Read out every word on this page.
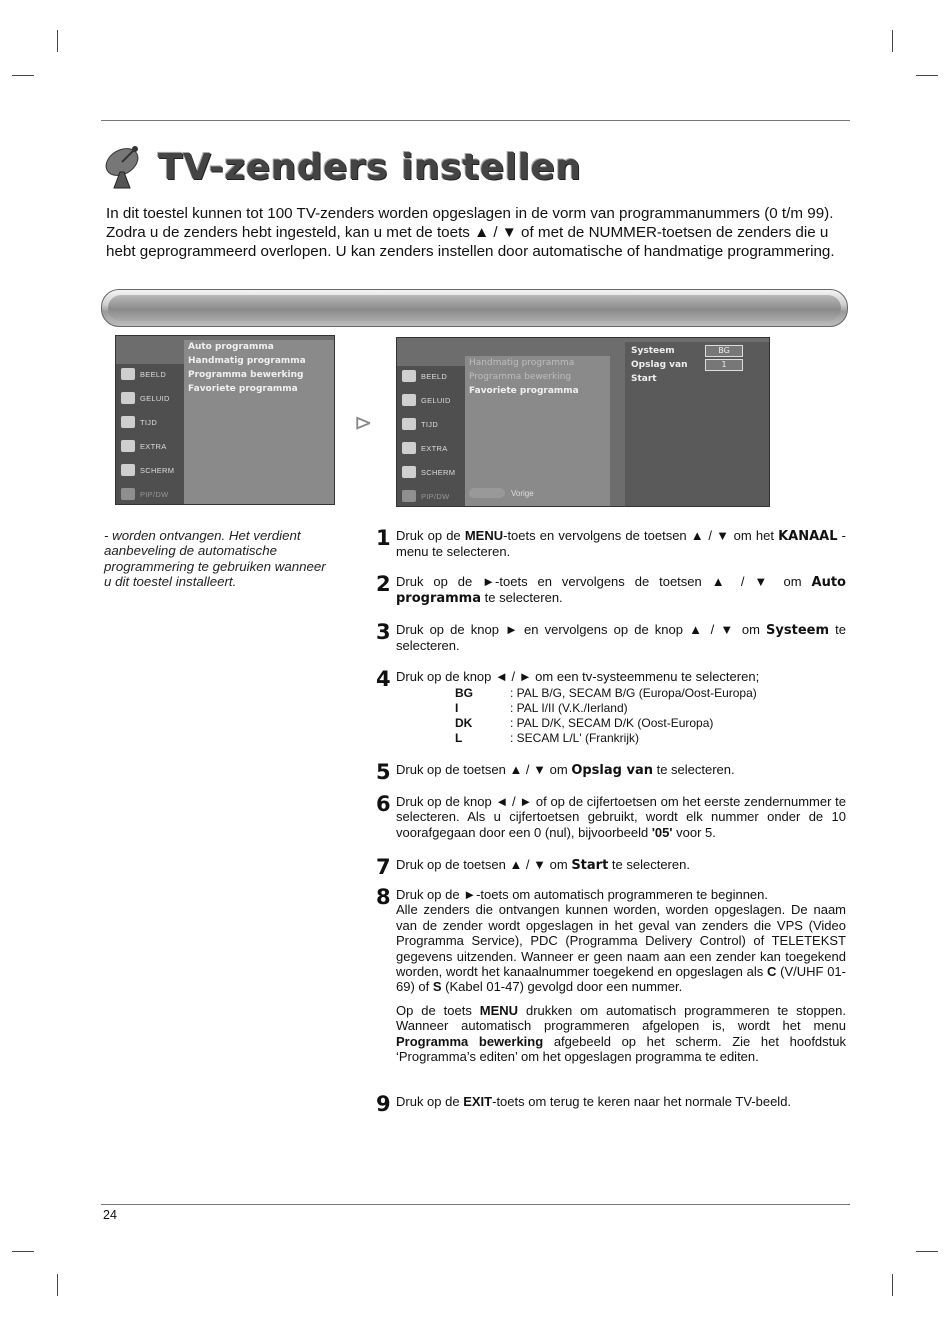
TV-zenders instellen

In dit toestel kunnen tot 100 TV-zenders worden opgeslagen in de vorm van programmanummers (0 t/m 99). Zodra u de zenders hebt ingesteld, kan u met de toets ▲ / ▼ of met de NUMMER-toetsen de zenders die u hebt geprogrammeerd overlopen. U kan zenders instellen door automatische of handmatige programmering.

BEELD
GELUID
TIJD
EXTRA
SCHERM
PIP/DW
Auto programma
Handmatig programma
Programma bewerking
Favoriete programma
⊳
BEELD
GELUID
TIJD
EXTRA
SCHERM
PIP/DW
Handmatig programma
Programma bewerking
Favoriete programma
Vorige
Systeem	BG
Opslag van	1
Start

- worden ontvangen. Het verdient aanbeveling de automatische programmering te gebruiken wanneer u dit toestel installeert.

1 Druk op de MENU-toets en vervolgens de toetsen ▲ / ▼ om het KANAAL -menu te selecteren.
2 Druk op de ►-toets en vervolgens de toetsen ▲ / ▼ om Auto programma te selecteren.
3 Druk op de knop ► en vervolgens op de knop ▲ / ▼ om Systeem te selecteren.
4 Druk op de knop ◄ / ► om een tv-systeemmenu te selecteren;
BG	: PAL B/G, SECAM B/G (Europa/Oost-Europa)
I	: PAL I/II (V.K./Ierland)
DK	: PAL D/K, SECAM D/K (Oost-Europa)
L	: SECAM L/L' (Frankrijk)
5 Druk op de toetsen ▲ / ▼ om Opslag van te selecteren.
6 Druk op de knop ◄ / ► of op de cijfertoetsen om het eerste zendernummer te selecteren. Als u cijfertoetsen gebruikt, wordt elk nummer onder de 10 voorafgegaan door een 0 (nul), bijvoorbeeld '05' voor 5.
7 Druk op de toetsen ▲ / ▼ om Start te selecteren.
8 Druk op de ►-toets om automatisch programmeren te beginnen.
Alle zenders die ontvangen kunnen worden, worden opgeslagen. De naam van de zender wordt opgeslagen in het geval van zenders die VPS (Video Programma Service), PDC (Programma Delivery Control) of TELETEKST gegevens uitzenden. Wanneer er geen naam aan een zender kan toegekend worden, wordt het kanaalnummer toegekend en opgeslagen als C (V/UHF 01-69) of S (Kabel 01-47) gevolgd door een nummer.
Op de toets MENU drukken om automatisch programmeren te stoppen. Wanneer automatisch programmeren afgelopen is, wordt het menu Programma bewerking afgebeeld op het scherm. Zie het hoofdstuk ‘Programma’s editen’ om het opgeslagen programma te editen.
9 Druk op de EXIT-toets om terug te keren naar het normale TV-beeld.
24
